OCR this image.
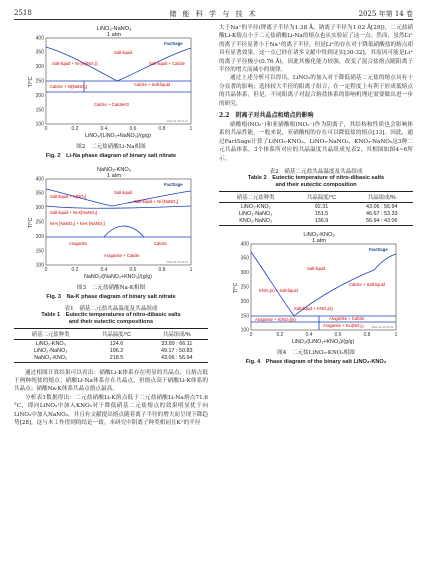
2518	储 能 科 学 与 技 术	2025 年第 14 卷
LiNO₃-NaNO₃
1 atm
FactSage
100
150
200
250
300
350
400
0	0.2	0.4	0.6	0.8	1
T/°C
LiNO₃/(LiNO₃+NaNO₃)/(g/g)
Salt-liquid
Salt-liquid + Ni-[Ni(NO₃)]	Salt-liquid + Calcite
Calcite + Salt-liquid
Calcite + Ni[NaNO₃]
Calcite + Calcite#2
2024-11-15 11:12
图2　二元盐硝酸Li-Na相图
Fig. 2　Li-Na phase diagram of binary salt nitrate
NaNO₃-KNO₃
1 atm
FactSage
100
150
200
250
300
350
400
0	0.2	0.4	0.6	0.8	1
T/°C
NaNO₃/(NaNO₃+KNO₃)/(g/g)
Salt-liquid
Salt-liquid + K[NO₃]
Salt-liquid + Ni-[NaNO₃]
Salt-liquid + Ni-K[NaNO₃]
Ni-K [NaNO₃] + Ni-K [NaNO₃]
Aragonite	Calcite
Aragonite + Calcite
2024-11-15 11:15
图3　二元盐硝酸Na-K相图
Fig. 3　Na-K phase diagram of binary salt nitrate
表1　硝基二元盐共晶温度及共晶组成
Table 1　Eutectic temperatures of nitro-dibasic salts
and their eutectic compositions
硝基二元盐种类	共晶温度/°C	共晶组成/%
LiNO₃-KNO₃	124.6	33.89 : 66.11
LiNO₃-NaNO₃	196.2	49.17 : 50.83
NaNO₃-KNO₃	218.5	43.06 : 56.94

通过相图计算结果可以看出：硝酸Li-K体系存在明显的共晶点，且熔点低于两种纯盐的熔点；硝酸Li-Na体系存在共晶点，但熔点高于硝酸Li-K体系的共晶点；硝酸Na-K体系共晶点熔点最高。

分析表1数据得出：二元盐硝酸Li-K熔点低于二元盐硝酸Li-Na熔点71.6 °C，即向LiNO₃中加入KNO₃对于降低硝基二元盐熔点的效果明显优于向LiNO₃中加入NaNO₃，并且有文献提出熔点随着离子半径的增大而呈现下降趋势[28]，这与本工作得到的结论一致。本研究中阴离子种类相同且K⁺的半径

大于Na⁺的半径(钾离子半径为1.38 Å，钠离子半径为1.02 Å[29])，二元盐硝酸Li-K熔点小于二元盐硝酸Li-Na的熔点也从实验证了这一点；然而，虽然Li⁺的离子半径显著小于Na⁺的离子半径，但是Li⁺的存在对于降低硝酸盐的熔点却具有显著效果，这一点已经在诸多文献中得到证实[30-32]，其原因可能是Li⁺的离子半径极小(0.76 Å)，因此其极化能力较强，改变了混合盐熔点随阳离子半径的增大而减小的规律。

通过上述分析可以得出，LiNO₃的加入对于降低硝基二元盐的熔点具有十分显著的影响；选择较大半径的阳离子组合，在一定程度上有利于形成低熔点的共晶体系，但是，不同阳离子对混合熔盐体系的影响机理还需要做出进一步的研究。

2.2　阴离子对共晶点和熔点的影响

硝酸根(NO₃⁻)和亚硝酸根(NO₂⁻)作为阴离子，其结构和性质也会影响体系的共晶性能，一般来说，亚硝酸根的存在可以降低盐的熔点[33]。因此，通过FactSage计算了LiNO₃-KNO₃、LiNO₃-NaNO₃、KNO₃-NaNO₃这3种二元共晶体系，3个体系所对应的共晶温度共晶组成见表2，其相图如图4~6所示。

表2　硝基二元盐共晶温度及共晶组成
Table 2　Eutectic temperature of nitro-dibasic salts
and their eutectic composition
硝基二元盐种类	共晶温度/°C	共晶组成/%
LiNO₃-KNO₃	92.31	43.06 : 56.94
LiNO₃-NaNO₃	151.5	46.67 : 53.33
KNO₃-NaNO₃	136.9	56.94 : 43.06
LiNO₃-KNO₃
1 atm
FactSage
100
150
200
250
300
350
400
0	0.2	0.4	0.6	0.8	1
T/°C
LiNO₃/(LiNO₃+KNO₃)/(g/g)
Salt-liquid
KNO₃(s) + Salt-liquid
Calcite + Salt-liquid
Salt-liquid + KNO₃(s)
Aragonite + Calcite
Aragonite + KLi(NO₃)₂
Aragonite + K[NO₃](s)
2024-11-15 11:19
图4　二元盐LiNO₃-KNO₃相图
Fig. 4　Phase diagram of the binary salt LiNO₃-KNO₃
